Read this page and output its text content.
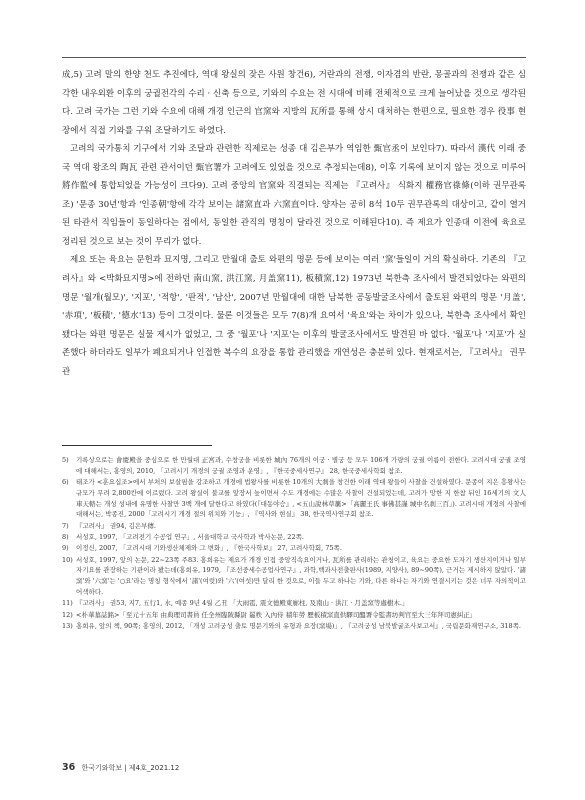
成,5) 고려 말의 한양 천도 추진에다, 역대 왕실의 잦은 사원 창건6), 거란과의 전쟁, 이자겸의 반란, 몽골과의 전쟁과 같은 심각한 내우외환 이후의 궁궐전각의 수리 · 신축 등으로, 기와의 수요는 전 시대에 비해 전체적으로 크게 늘어났을 것으로 생각된다. 고려 국가는 그런 기와 수요에 대해 개경 인근의 官窯와 지방의 瓦所를 통해 상시 대처하는 한편으로, 필요한 경우 役事 현장에서 직접 기와를 구워 조달하기도 하였다.

고려의 국가통치 기구에서 기와 조달과 관련한 직제로는 성종 대 김은부가 역임한 甄官丞이 보인다7). 따라서 漢代 이래 중국 역대 왕조의 陶瓦 관련 관서이던 甄官署가 고려에도 있었을 것으로 추정되는데8), 이후 기록에 보이지 않는 것으로 미루어 將作監에 통합되었을 가능성이 크다9). 고려 중앙의 官窯와 직결되는 직제는 『고려사』 식화지 權務官祿條(이하 권무관록조) '문종 30년'항과 '인종朝'항에 각각 보이는 諸窯直과 六窯直이다. 양자는 공히 8석 10두 권무관록의 대상이고, 같이 열거된 타관서 직임들이 동일하다는 점에서, 동일한 관직의 명칭이 달라진 것으로 이해된다10). 즉 제요가 인종대 이전에 육요로 정리된 것으로 보는 것이 무리가 없다.

제요 또는 육요는 문헌과 묘지명, 그리고 만월대 출토 와편의 명문 등에 보이는 여러 '窯'들일이 거의 확실하다. 기존의 『고려사』와 <박화묘지명>에 전하던 南山窯, 洪江窯, 月盖窯11), 板積窯,12) 1973년 북한측 조사에서 발견되었다는 와편의 명문 '월개(월모)', '지포', '적항', '판적', '남산', 2007년 만월대에 대한 남북한 공동발굴조사에서 출토된 와편의 명문 '月盖', '赤項', '板積', '德水'13) 등이 그것이다. 물론 이것들은 모두 7(8)개 요여서 '육요'와는 차이가 있으나, 북한측 조사에서 확인됐다는 와편 명문은 실물 제시가 없었고, 그 중 '월포'나 '지포'는 이후의 발굴조사에서도 발견된 바 없다. '월포'나 '지포'가 실존했다 하더라도 일부가 폐요되거나 인접한 복수의 요장을 통합 관리했을 개연성은 충분히 있다. 현재로서는, 『고려사』 권무관

5) 기록상으로는 會慶殿을 중심으로 한 만월대 正宮과, 수창궁을 비롯한 城內 76개의 이궁 · 별궁 등 모두 106개 가량의 궁궐 이름이 전한다. 고려시대 궁궐 조영에 대해서는, 홍영의, 2010, 「고려시기 개경의 궁궐 조영과 운영」, 『한국중세사연구』 28, 한국중세사학회 참조.
6) 태조가 <훈요십조>에서 부처의 보살핌을 강조하고 개경에 법왕사를 비롯한 10개의 大刹을 창건한 이래 역대 왕들이 사찰을 건설하였다. 문종이 지은 흥왕사는 규모가 무려 2,800칸에 이르렀다. 고려 왕실이 불교를 앞장서 높이면서 수도 개경에는 수많은 사찰이 건설되었는데, 고려가 망한 지 한참 뒤인 16세기의 文人 車天輅는 개성 성내에 유명한 사찰만 3백 개에 달한다고 하였다(『대동야승』, <五山說林草藁>「高麗王氏 事佛甚謹 城中名刹三百」). 고려시대 개경의 사찰에 대해서는, 박종진, 2000「고려시기 개경 절의 위치와 기능」, 『역사와 현실』 38, 한국역사연구회 참조.
7) 『고려사』 권94, 김은부傳.
8) 서성호, 1997, 「고려전기 수공업 연구」, 서울대학교 국사학과 박사논문, 22쪽.
9) 이정신, 2007, 「고려시대 기와생산체제와 그 변화」, 『한국사학보』 27, 고려사학회, 75쪽.
10) 서성호, 1997, 앞의 논문, 22~23쪽 주83. 홍희유는 제요가 개경 인접 중앙직속요이거나, 瓦所를 관리하는 관청이고, 육요는 중요한 도자기 생산지이거나 일부 자기요를 관장하는 기관이라 봤는데(홍희유, 1979, 『조선중세수공업사연구』, 과학,백과사전출판사(1989, 지양사), 89~90쪽), 근거는 제시하지 않았다. '諸窯'와 '六窯'는 '○요'라는 명칭 형식에서 '諸'(여럿)와 '六'(여섯)만 달리 한 것으로, 이들 두고 하나는 기와, 다른 하나는 자기와 연결시키는 것은 너무 자의적이고 어색하다.
11) 『고려사』 권53, 지7, 五行1, 水, 예종 9년 4월 乙丑 「大雨雹, 震文德殿東廊柱, 及南山 · 洪江 · 月盖窯等處樹木.」
12) <朴華墓誌銘>「至元十五年 由典理司書員 任全州臨陂縣尉 罷秩 入內侍 積年勞 歷板積窯直供驛司醞署令監書坊判官至大三年拜司憲糾正」
13) 홍희유, 앞의 책, 90쪽; 홍영의, 2012, 「개성 고려궁성 출토 명문기와의 유형과 요장(窯場)」, 『고려궁성 남북발굴조사보고서』, 국립문화재연구소, 318쪽.
36 한국기와학보 | 제4호_2021.12
